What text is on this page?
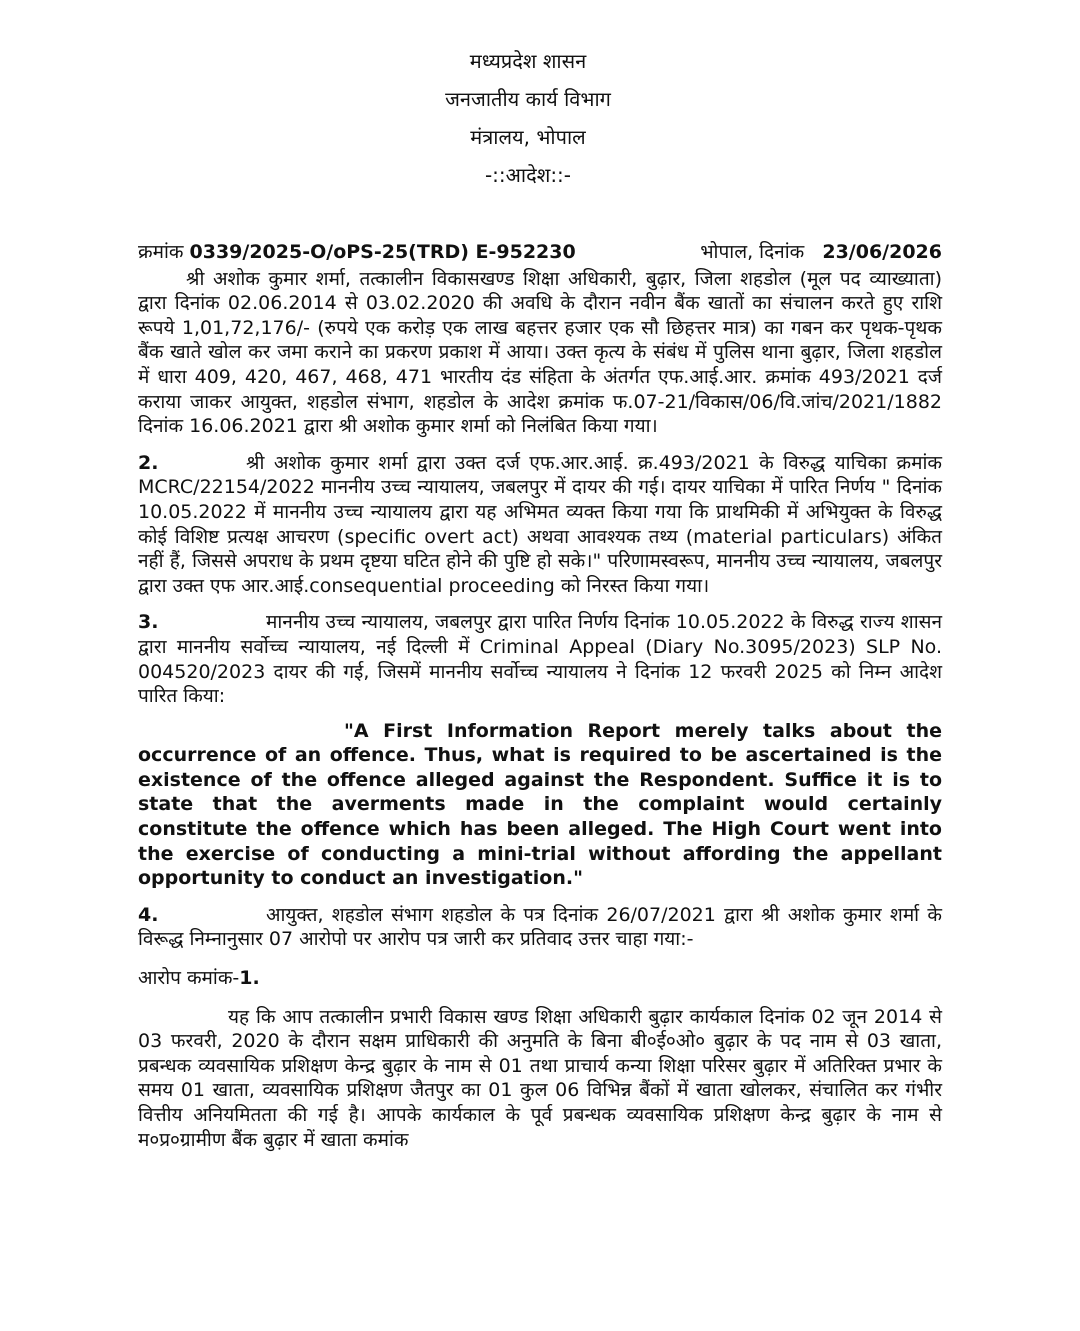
मध्यप्रदेश शासन
जनजातीय कार्य विभाग
मंत्रालय, भोपाल
-::आदेश::-
क्रमांक 0339/2025-O/oPS-25(TRD) E-952230	भोपाल, दिनांक 23/06/2026

श्री अशोक कुमार शर्मा, तत्कालीन विकासखण्ड शिक्षा अधिकारी, बुढ़ार, जिला शहडोल (मूल पद व्याख्याता) द्वारा दिनांक 02.06.2014 से 03.02.2020 की अवधि के दौरान नवीन बैंक खातों का संचालन करते हुए राशि रूपये 1,01,72,176/- (रुपये एक करोड़ एक लाख बहत्तर हजार एक सौ छिहत्तर मात्र) का गबन कर पृथक-पृथक बैंक खाते खोल कर जमा कराने का प्रकरण प्रकाश में आया। उक्त कृत्य के संबंध में पुलिस थाना बुढ़ार, जिला शहडोल में धारा 409, 420, 467, 468, 471 भारतीय दंड संहिता के अंतर्गत एफ.आई.आर. क्रमांक 493/2021 दर्ज कराया जाकर आयुक्त, शहडोल संभाग, शहडोल के आदेश क्रमांक फ.07-21/विकास/06/वि.जांच/2021/1882 दिनांक 16.06.2021 द्वारा श्री अशोक कुमार शर्मा को निलंबित किया गया।

2.	श्री अशोक कुमार शर्मा द्वारा उक्त दर्ज एफ.आर.आई. क्र.493/2021 के विरुद्ध याचिका क्रमांक MCRC/22154/2022 माननीय उच्च न्यायालय, जबलपुर में दायर की गई। दायर याचिका में पारित निर्णय " दिनांक 10.05.2022 में माननीय उच्च न्यायालय द्वारा यह अभिमत व्यक्त किया गया कि प्राथमिकी में अभियुक्त के विरुद्ध कोई विशिष्ट प्रत्यक्ष आचरण (specific overt act) अथवा आवश्यक तथ्य (material particulars) अंकित नहीं हैं, जिससे अपराध के प्रथम दृष्टया घटित होने की पुष्टि हो सके।" परिणामस्वरूप, माननीय उच्च न्यायालय, जबलपुर द्वारा उक्त एफ आर.आई.consequential proceeding को निरस्त किया गया।

3.	माननीय उच्च न्यायालय, जबलपुर द्वारा पारित निर्णय दिनांक 10.05.2022 के विरुद्ध राज्य शासन द्वारा माननीय सर्वोच्च न्यायालय, नई दिल्ली में Criminal Appeal (Diary No.3095/2023) SLP No. 004520/2023 दायर की गई, जिसमें माननीय सर्वोच्च न्यायालय ने दिनांक 12 फरवरी 2025 को निम्न आदेश पारित किया:

"A First Information Report merely talks about the occurrence of an offence. Thus, what is required to be ascertained is the existence of the offence alleged against the Respondent. Suffice it is to state that the averments made in the complaint would certainly constitute the offence which has been alleged. The High Court went into the exercise of conducting a mini-trial without affording the appellant opportunity to conduct an investigation."

4.	आयुक्त, शहडोल संभाग शहडोल के पत्र दिनांक 26/07/2021 द्वारा श्री अशोक कुमार शर्मा के विरूद्ध निम्नानुसार 07 आरोपो पर आरोप पत्र जारी कर प्रतिवाद उत्तर चाहा गया:-

आरोप कमांक-1.

यह कि आप तत्कालीन प्रभारी विकास खण्ड शिक्षा अधिकारी बुढ़ार कार्यकाल दिनांक 02 जून 2014 से 03 फरवरी, 2020 के दौरान सक्षम प्राधिकारी की अनुमति के बिना बी०ई०ओ० बुढ़ार के पद नाम से 03 खाता, प्रबन्धक व्यवसायिक प्रशिक्षण केन्द्र बुढ़ार के नाम से 01 तथा प्राचार्य कन्या शिक्षा परिसर बुढ़ार में अतिरिक्त प्रभार के समय 01 खाता, व्यवसायिक प्रशिक्षण जैतपुर का 01 कुल 06 विभिन्न बैंकों में खाता खोलकर, संचालित कर गंभीर वित्तीय अनियमितता की गई है। आपके कार्यकाल के पूर्व प्रबन्धक व्यवसायिक प्रशिक्षण केन्द्र बुढ़ार के नाम से म०प्र०ग्रामीण बैंक बुढ़ार में खाता कमांक
